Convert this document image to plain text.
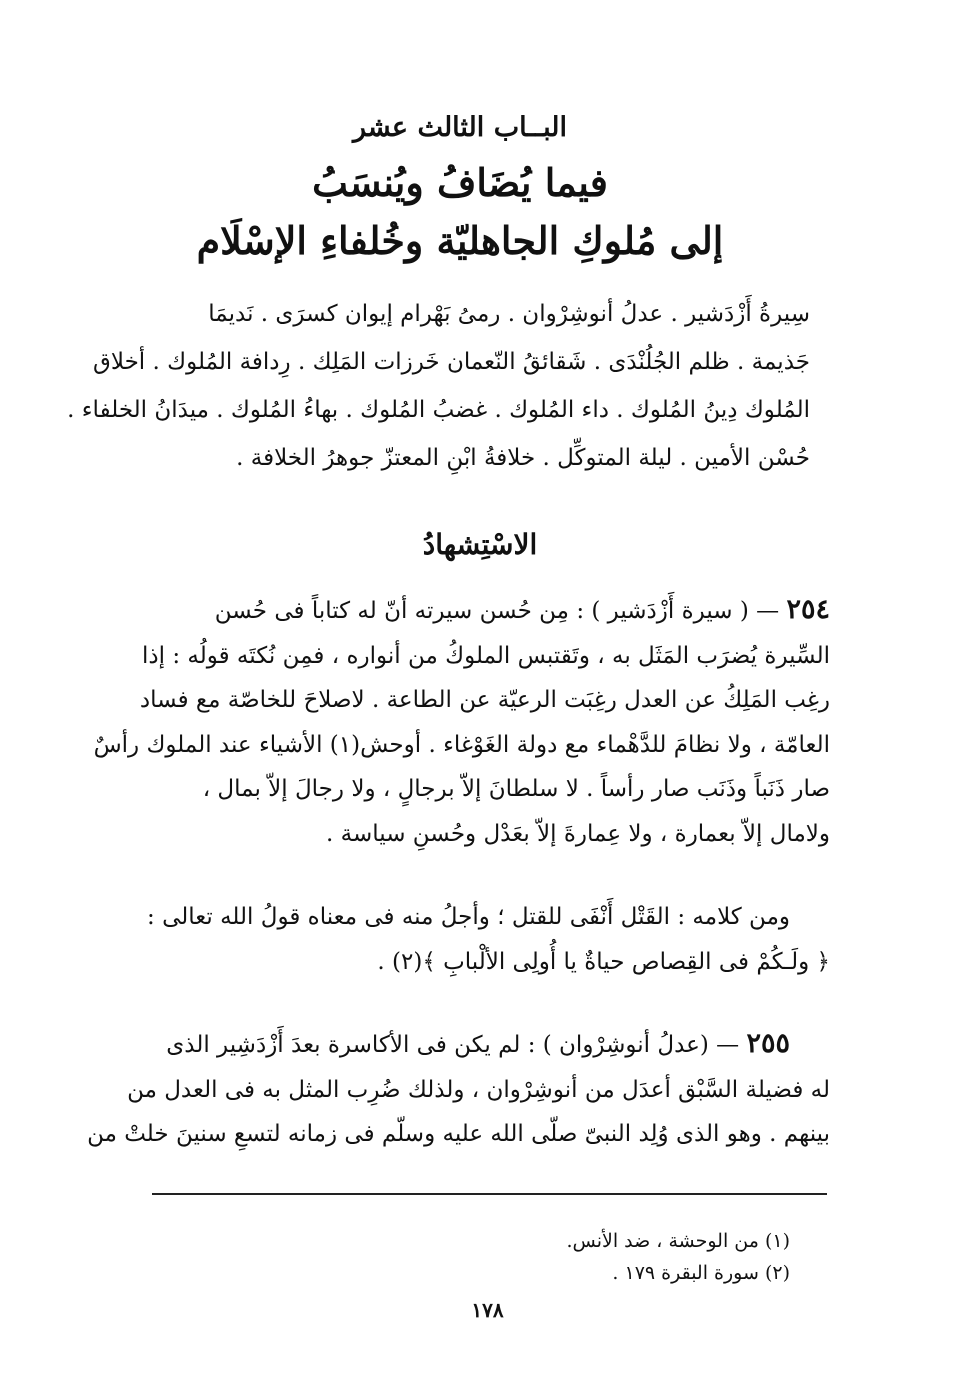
البــاب الثالث عشر
فيما يُضَافُ ويُنسَبُ
إلى مُلوكِ الجاهليّة وخُلفاءِ الإسْلَام
سِيرةُ أَزْدَشير . عدلُ أنوشِرْوان . رمىُ بَهْرام إيوان كسرَى . نَديمَا
جَذيمة . ظلم الجُلُنْدَى . شَقائقُ النّعمان خَرزات المَلِك . رِدافة المُلوك . أخلاق
المُلوك دِينُ المُلوك . داء المُلوك . غضبُ المُلوك . بهاءُ المُلوك . ميدَانُ الخلفاء .
حُسْن الأمين . ليلة المتوكِّل . خلافةُ ابْنِ المعتزّ جوهرُ الخلافة .
الاسْتِشهادُ
٢٥٤ — ( سيرة أَزْدَشير ) : مِن حُسن سيرته أنّ له كتاباً فى حُسن
السِّيرة يُضرَب المَثَل به ، وتَقتبس الملوكُ من أنواره ، فمِن نُكتَه قولُه : إذا
رغِب المَلِكُ عن العدل رغِبَت الرعيّة عن الطاعة . لاصلاحَ للخاصّة مع فساد
العامّة ، ولا نظامَ للدَّهْماء مع دولة الغَوْغاء . أوحش(١) الأشياء عند الملوك رأسٌ
صار ذَنَباً وذَنَب صار رأساً . لا سلطانَ إلاّ برجالٍ ، ولا رجالَ إلاّ بمال ،
ولامال إلاّ بعمارة ، ولا عِمارةَ إلاّ بعَدْل وحُسنِ سياسة .
ومن كلامه : القَتْل أَنْفَى للقتل ؛ وأجلُ منه فى معناه قولُ الله تعالى :
﴿ ولَـكُمْ فى القِصاص حياةٌ يا أُولِى الألْبابِ ﴾(٢) .
٢٥٥ — (عدلُ أنوشِرْوان ) : لم يكن فى الأكاسرة بعدَ أَزْدَشِير الذى
له فضيلة السَّبْق أعدَل من أنوشِرْوان ، ولذلك ضُرِب المثل به فى العدل من
بينهم . وهو الذى وُلِد النبىّ صلّى الله عليه وسلّم فى زمانه لتسعِ سنينَ خلتْ من
(١) من الوحشة ، ضد الأنس.
(٢) سورة البقرة ١٧٩ .
١٧٨
